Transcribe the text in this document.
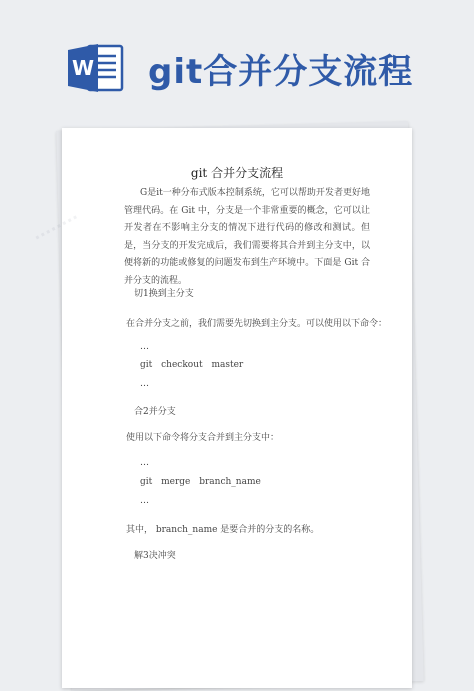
W git合并分支流程
········
git 合并分支流程
G是it一种分布式版本控制系统，它可以帮助开发者更好地管理代码。在 Git 中，分支是一个非常重要的概念，它可以让开发者在不影响主分支的情况下进行代码的修改和测试。但是，当分支的开发完成后，我们需要将其合并到主分支中，以便将新的功能或修复的问题发布到生产环境中。下面是 Git 合并分支的流程。
切1换到主分支
在合并分支之前，我们需要先切换到主分支。可以使用以下命令：
…
git checkout master
…
合2并分支
使用以下命令将分支合并到主分支中：
…
git merge branch_name
…
其中， branch_name 是要合并的分支的名称。
解3决冲突
